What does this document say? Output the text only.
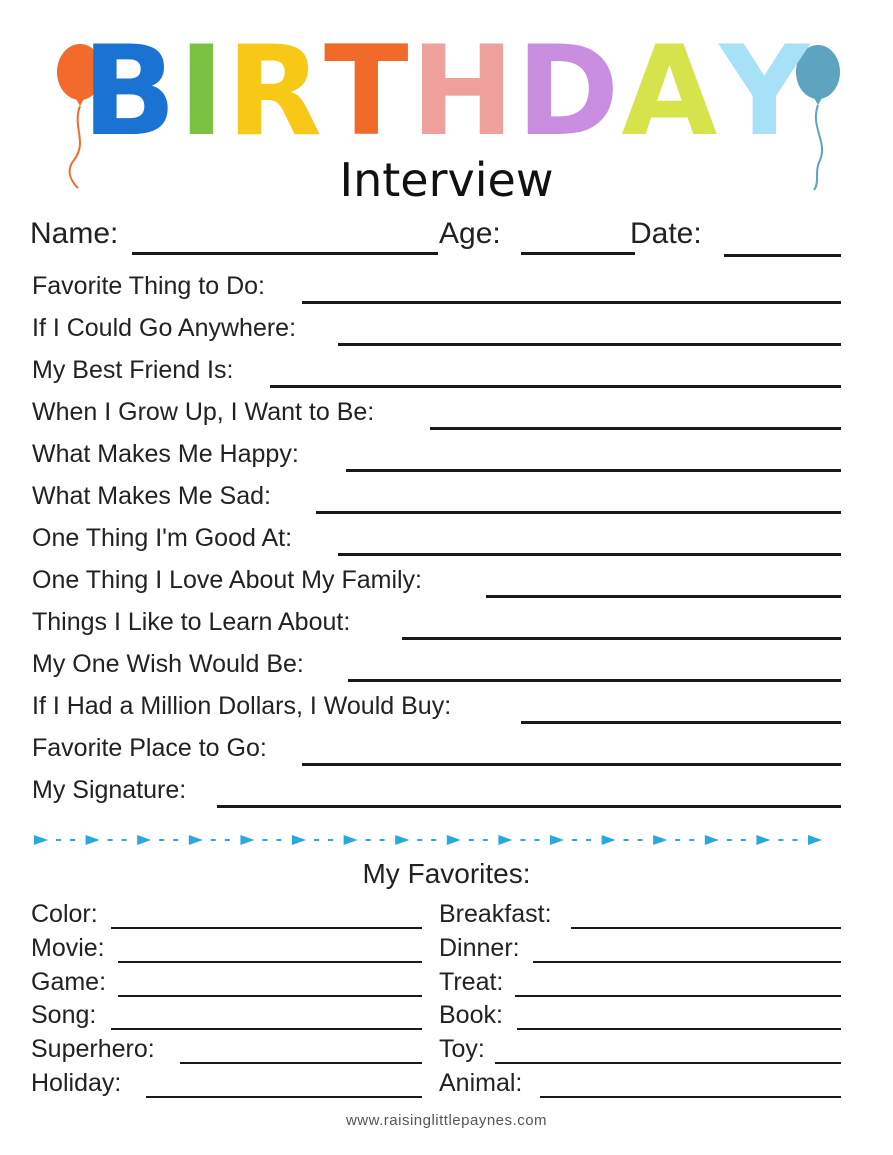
BIRTHDAY
Interview
Name:	Age:	Date:
Favorite Thing to Do:
If I Could Go Anywhere:
My Best Friend Is:
When I Grow Up, I Want to Be:
What Makes Me Happy:
What Makes Me Sad:
One Thing I'm Good At:
One Thing I Love About My Family:
Things I Like to Learn About:
My One Wish Would Be:
If I Had a Million Dollars, I Would Buy:
Favorite Place to Go:
My Signature:
My Favorites:
Color:
Movie:
Game:
Song:
Superhero:
Holiday:
Breakfast:
Dinner:
Treat:
Book:
Toy:
Animal:
www.raisinglittlepaynes.com
